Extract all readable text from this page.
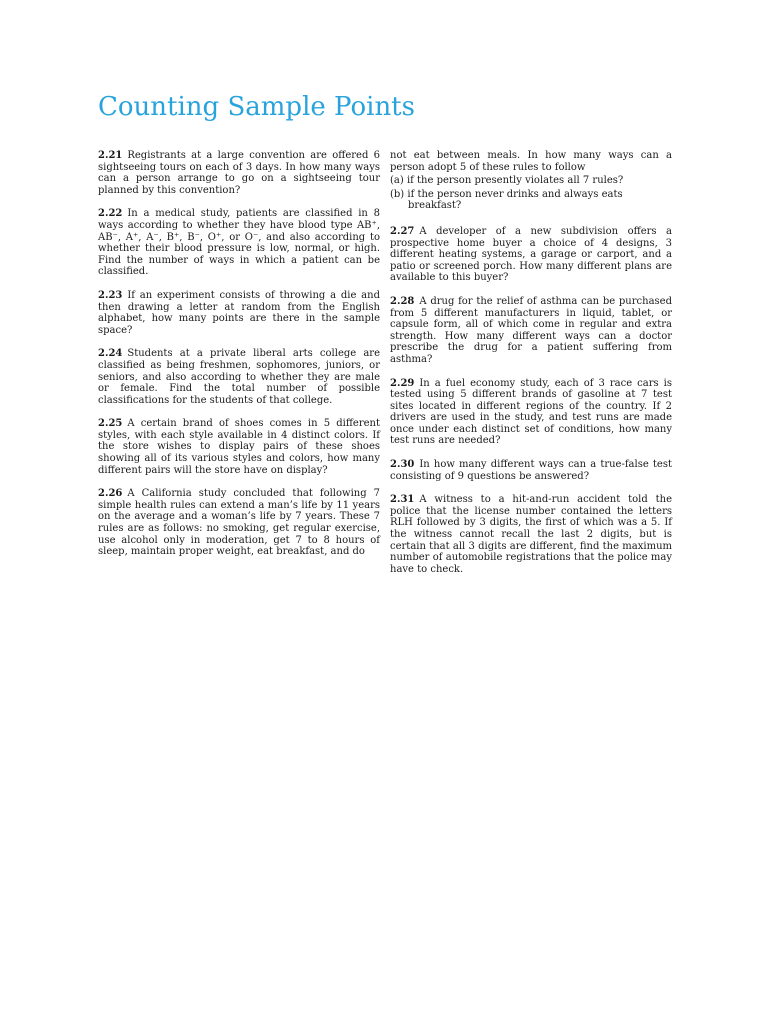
Counting Sample Points

2.21 Registrants at a large convention are offered 6 sightseeing tours on each of 3 days. In how many ways can a person arrange to go on a sightseeing tour planned by this convention?

2.22 In a medical study, patients are classified in 8 ways according to whether they have blood type AB⁺, AB⁻, A⁺, A⁻, B⁺, B⁻, O⁺, or O⁻, and also according to whether their blood pressure is low, normal, or high. Find the number of ways in which a patient can be classified.

2.23 If an experiment consists of throwing a die and then drawing a letter at random from the English alphabet, how many points are there in the sample space?

2.24 Students at a private liberal arts college are classified as being freshmen, sophomores, juniors, or seniors, and also according to whether they are male or female. Find the total number of possible classifications for the students of that college.

2.25 A certain brand of shoes comes in 5 different styles, with each style available in 4 distinct colors. If the store wishes to display pairs of these shoes showing all of its various styles and colors, how many different pairs will the store have on display?

2.26 A California study concluded that following 7 simple health rules can extend a man’s life by 11 years on the average and a woman’s life by 7 years. These 7 rules are as follows: no smoking, get regular exercise, use alcohol only in moderation, get 7 to 8 hours of sleep, maintain proper weight, eat breakfast, and do

not eat between meals. In how many ways can a person adopt 5 of these rules to follow

(a) if the person presently violates all 7 rules?

(b) if the person never drinks and always eats breakfast?

2.27 A developer of a new subdivision offers a prospective home buyer a choice of 4 designs, 3 different heating systems, a garage or carport, and a patio or screened porch. How many different plans are available to this buyer?

2.28 A drug for the relief of asthma can be purchased from 5 different manufacturers in liquid, tablet, or capsule form, all of which come in regular and extra strength. How many different ways can a doctor prescribe the drug for a patient suffering from asthma?

2.29 In a fuel economy study, each of 3 race cars is tested using 5 different brands of gasoline at 7 test sites located in different regions of the country. If 2 drivers are used in the study, and test runs are made once under each distinct set of conditions, how many test runs are needed?

2.30 In how many different ways can a true-false test consisting of 9 questions be answered?

2.31 A witness to a hit-and-run accident told the police that the license number contained the letters RLH followed by 3 digits, the first of which was a 5. If the witness cannot recall the last 2 digits, but is certain that all 3 digits are different, find the maximum number of automobile registrations that the police may have to check.
